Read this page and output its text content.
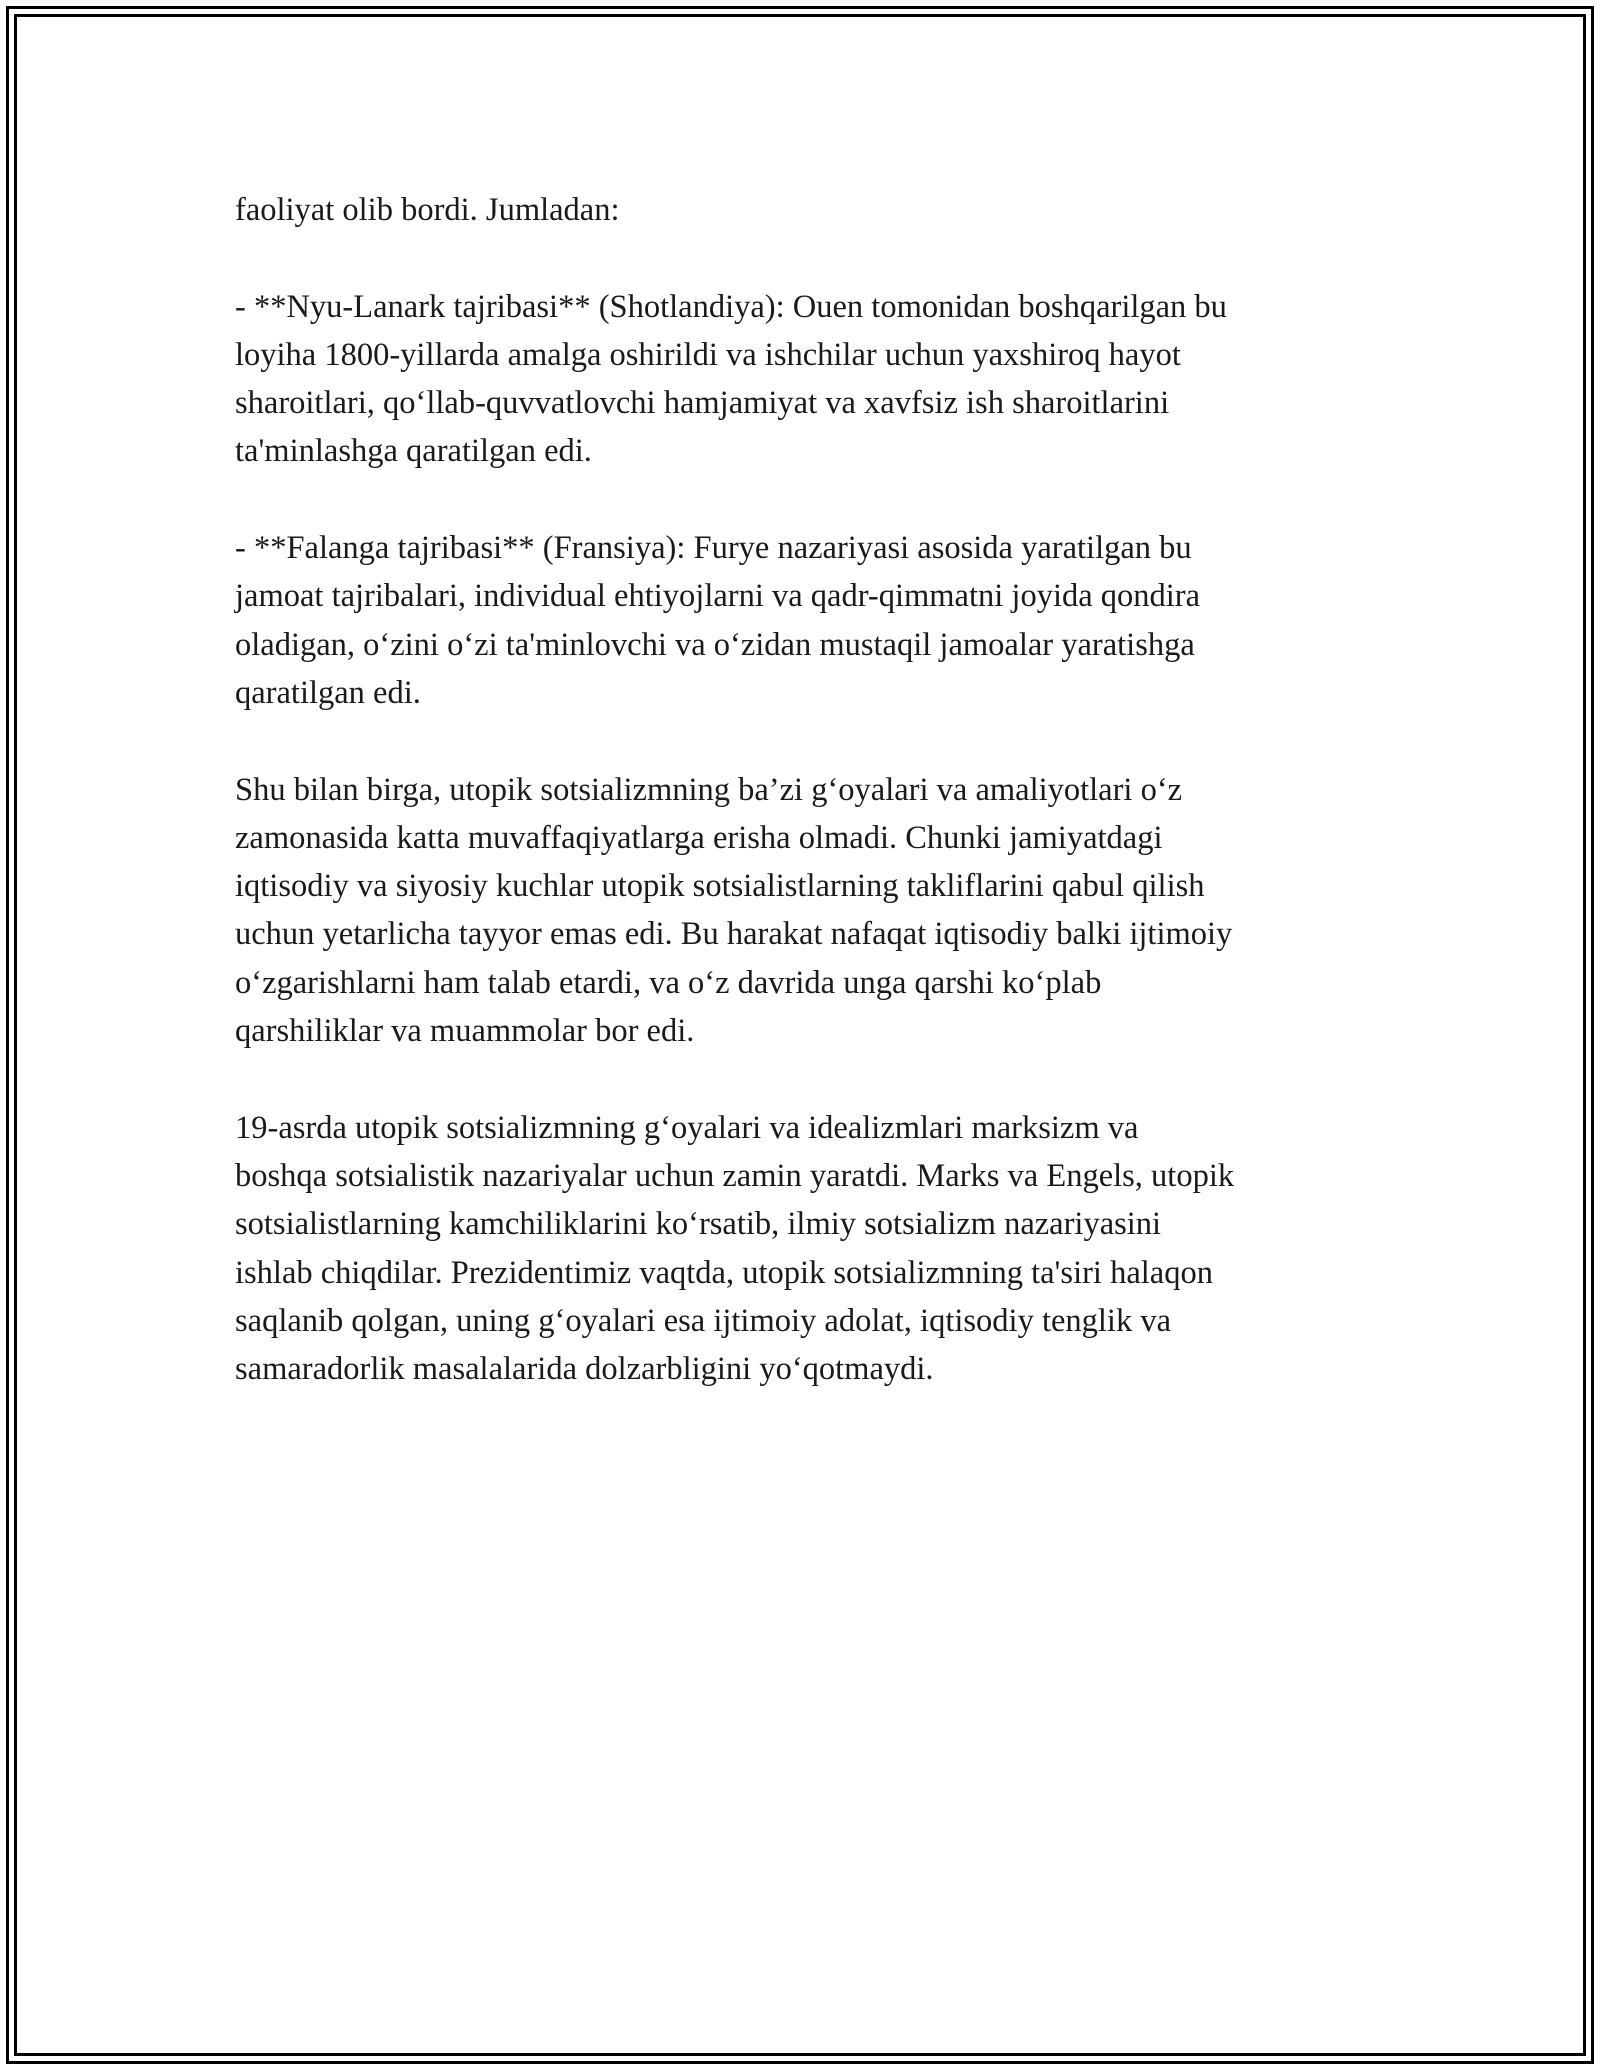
faoliyat olib bordi. Jumladan:

- **Nyu-Lanark tajribasi** (Shotlandiya): Ouen tomonidan boshqarilgan bu
loyiha 1800-yillarda amalga oshirildi va ishchilar uchun yaxshiroq hayot
sharoitlari, qo‘llab-quvvatlovchi hamjamiyat va xavfsiz ish sharoitlarini
ta'minlashga qaratilgan edi.

- **Falanga tajribasi** (Fransiya): Furye nazariyasi asosida yaratilgan bu
jamoat tajribalari, individual ehtiyojlarni va qadr-qimmatni joyida qondira
oladigan, o‘zini o‘zi ta'minlovchi va o‘zidan mustaqil jamoalar yaratishga
qaratilgan edi.

Shu bilan birga, utopik sotsializmning ba’zi g‘oyalari va amaliyotlari o‘z
zamonasida katta muvaffaqiyatlarga erisha olmadi. Chunki jamiyatdagi
iqtisodiy va siyosiy kuchlar utopik sotsialistlarning takliflarini qabul qilish
uchun yetarlicha tayyor emas edi. Bu harakat nafaqat iqtisodiy balki ijtimoiy
o‘zgarishlarni ham talab etardi, va o‘z davrida unga qarshi ko‘plab
qarshiliklar va muammolar bor edi.

19-asrda utopik sotsializmning g‘oyalari va idealizmlari marksizm va
boshqa sotsialistik nazariyalar uchun zamin yaratdi. Marks va Engels, utopik
sotsialistlarning kamchiliklarini ko‘rsatib, ilmiy sotsializm nazariyasini
ishlab chiqdilar. Prezidentimiz vaqtda, utopik sotsializmning ta'siri halaqon
saqlanib qolgan, uning g‘oyalari esa ijtimoiy adolat, iqtisodiy tenglik va
samaradorlik masalalarida dolzarbligini yo‘qotmaydi.
